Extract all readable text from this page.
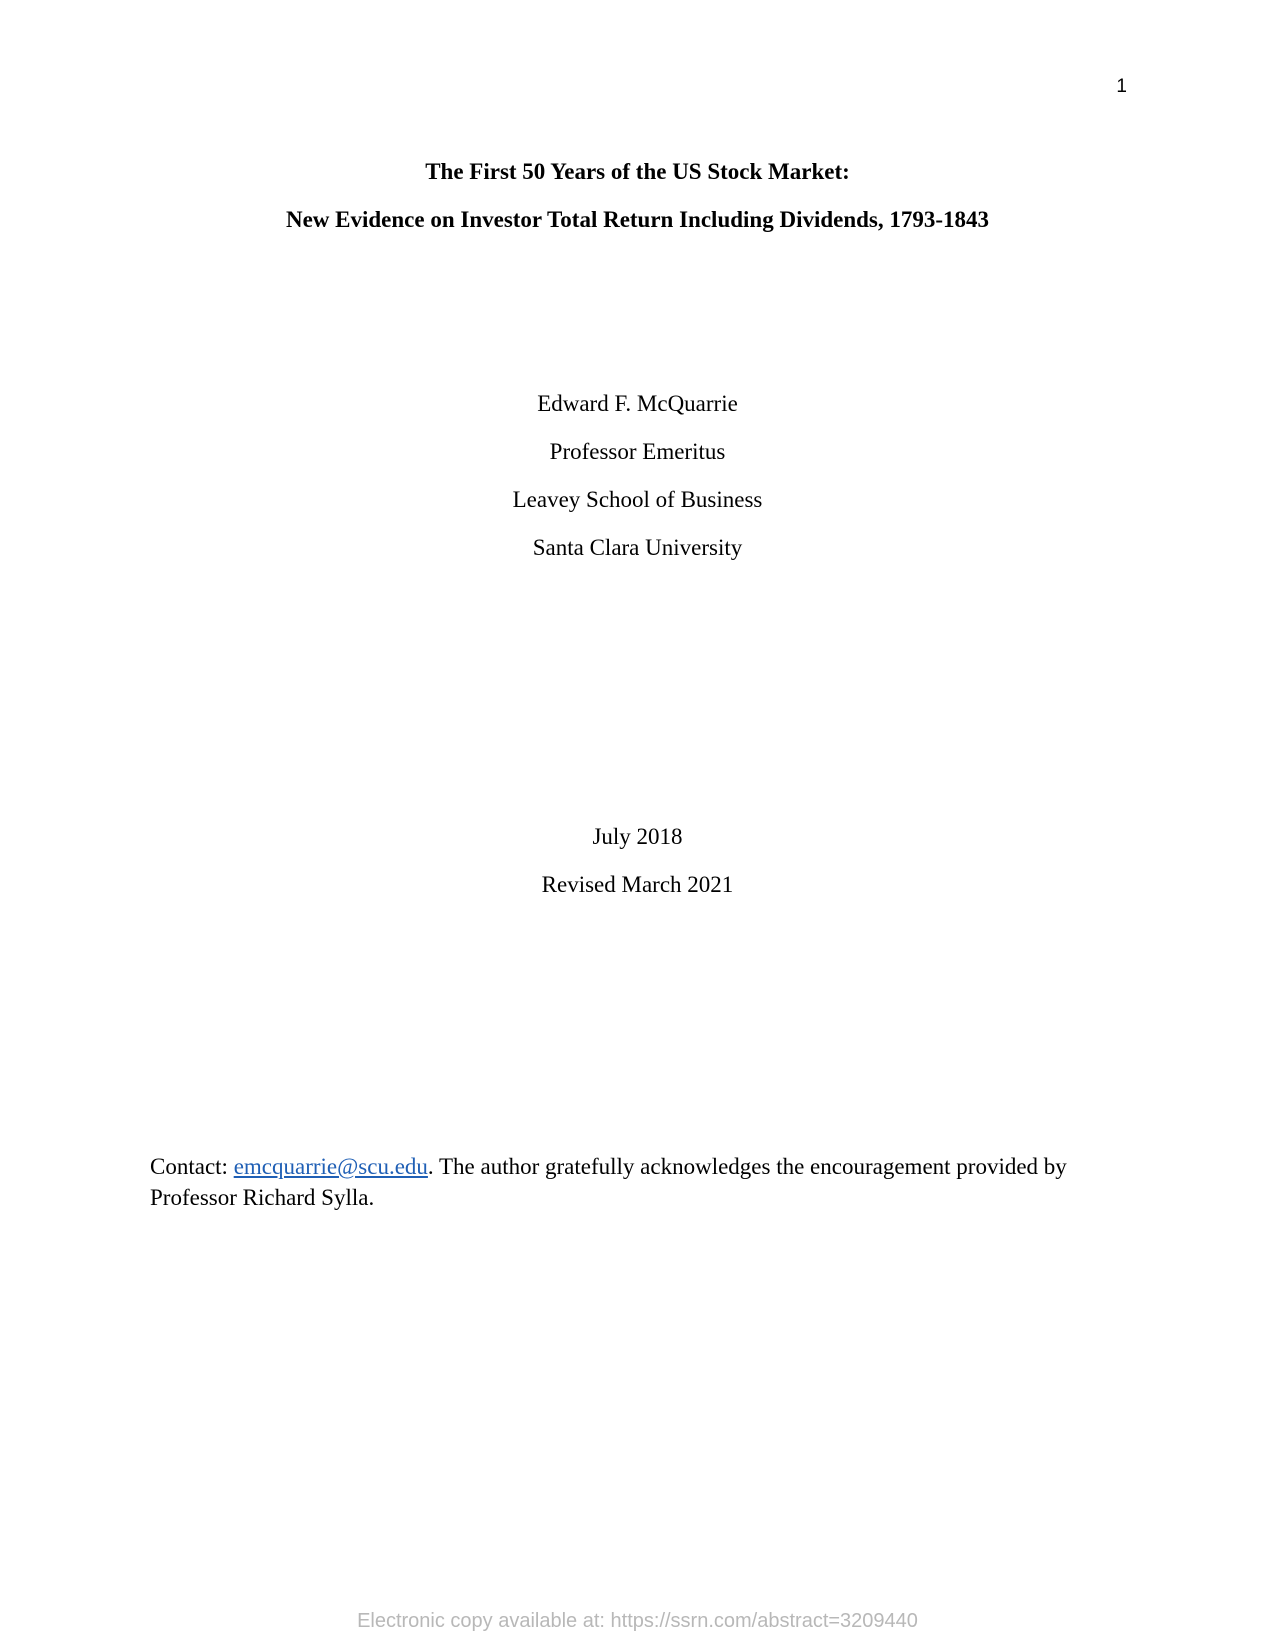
1

The First 50 Years of the US Stock Market:

New Evidence on Investor Total Return Including Dividends, 1793-1843

Edward F. McQuarrie

Professor Emeritus

Leavey School of Business

Santa Clara University

July 2018

Revised March 2021

Contact: emcquarrie@scu.edu. The author gratefully acknowledges the encouragement provided by Professor Richard Sylla.

Electronic copy available at: https://ssrn.com/abstract=3209440
